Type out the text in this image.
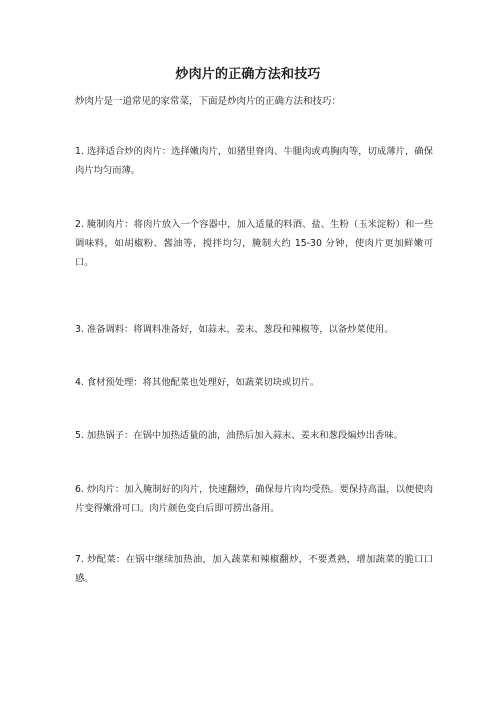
炒肉片的正确方法和技巧
炒肉片是一道常见的家常菜，下面是炒肉片的正确方法和技巧：
1. 选择适合炒的肉片：选择嫩肉片，如猪里脊肉、牛腿肉或鸡胸肉等，切成薄片，确保肉片均匀而薄。
2. 腌制肉片：将肉片放入一个容器中，加入适量的料酒、盐、生粉（玉米淀粉）和一些调味料，如胡椒粉、酱油等，搅拌均匀，腌制大约 15-30 分钟，使肉片更加鲜嫩可口。
3. 准备调料：将调料准备好，如蒜末、姜末、葱段和辣椒等，以备炒菜使用。
4. 食材预处理：将其他配菜也处理好，如蔬菜切块或切片。
5. 加热锅子：在锅中加热适量的油，油热后加入蒜末、姜末和葱段煸炒出香味。
6. 炒肉片：加入腌制好的肉片，快速翻炒，确保每片肉均受热。要保持高温，以便使肉片变得嫩滑可口。肉片颜色变白后即可捞出备用。
7. 炒配菜：在锅中继续加热油，加入蔬菜和辣椒翻炒，不要煮熟，增加蔬菜的脆口口感。
